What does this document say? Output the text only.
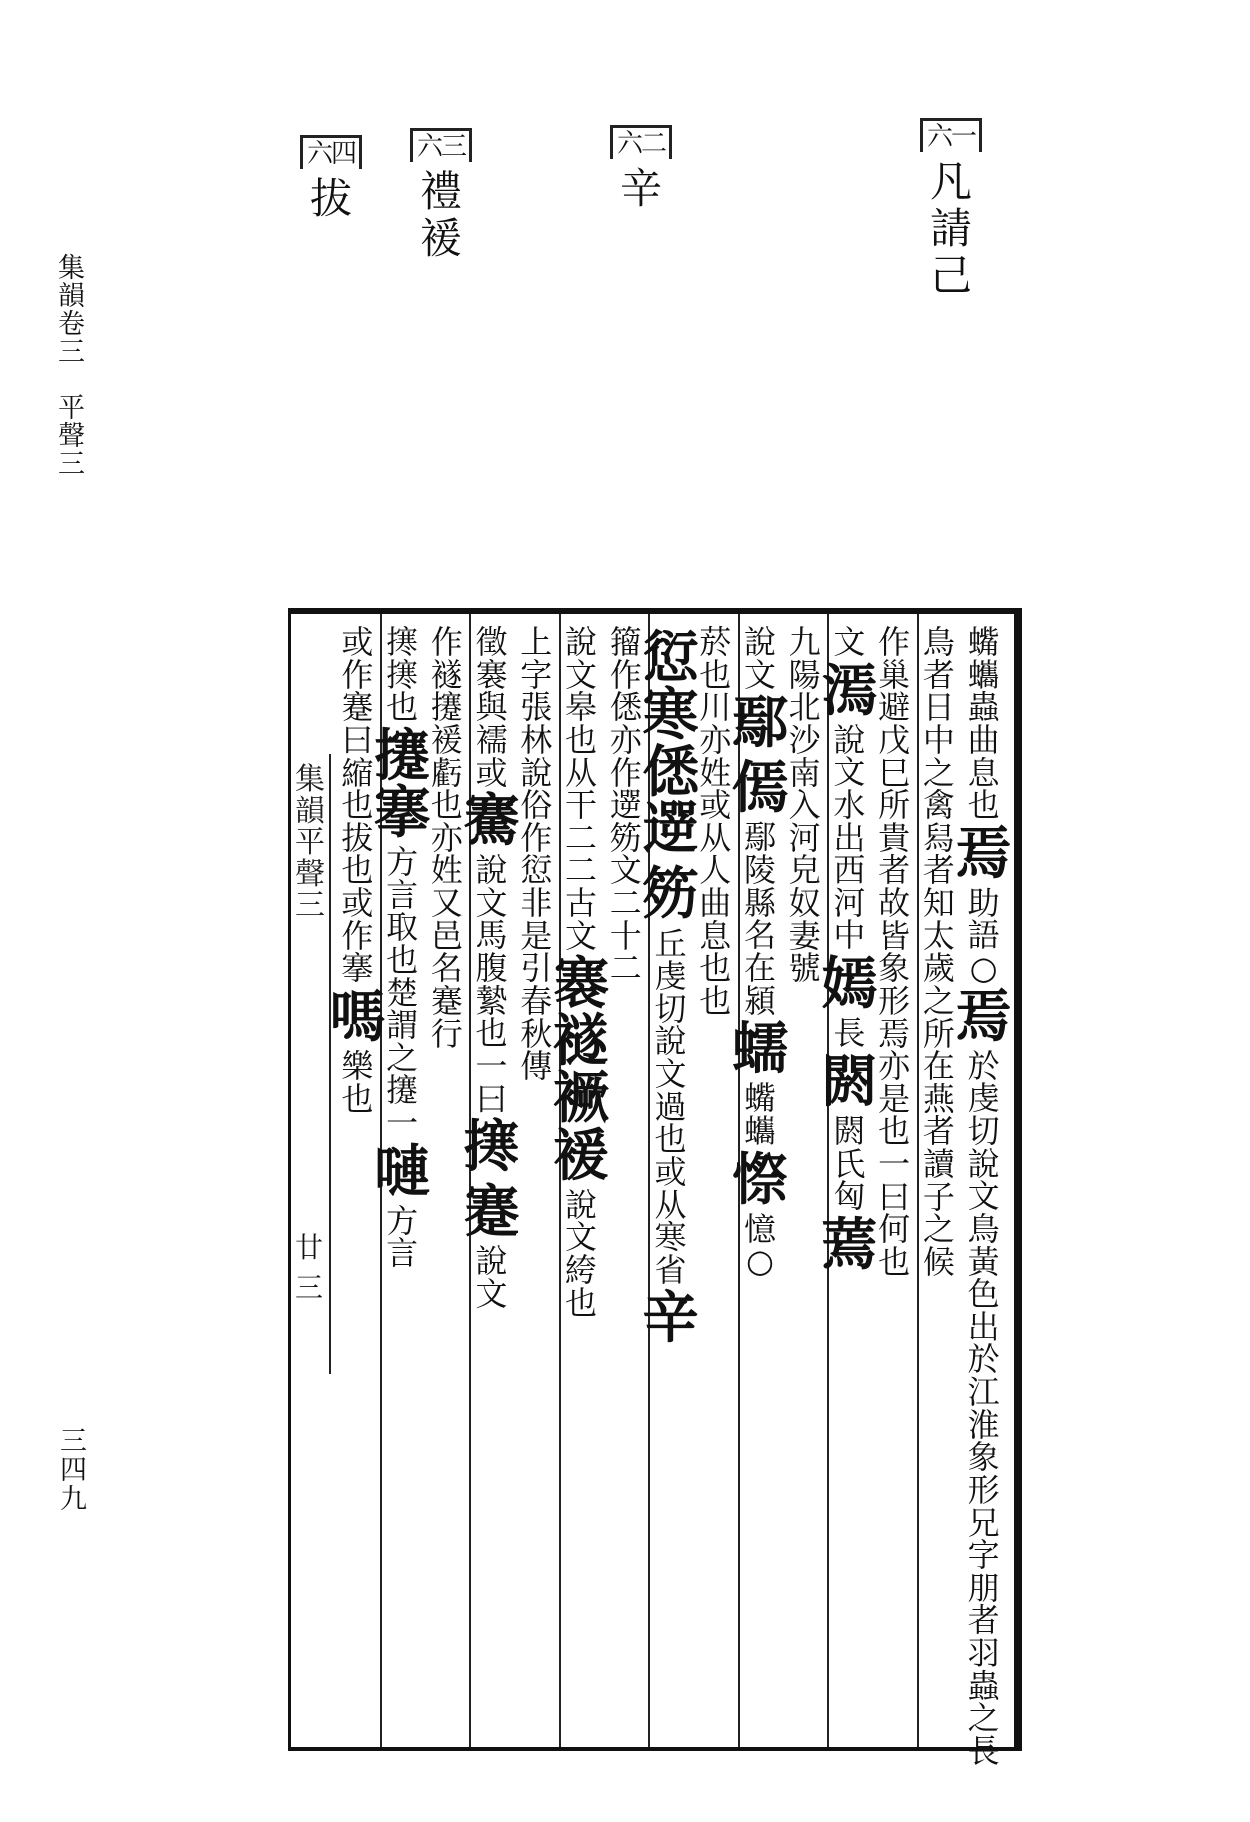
集
韻
卷
三

平
聲
三
三
四
九
六一
凡
請
己
六二
辛
六三
禮
褑
六四
拔
集
韻
平
聲
三
廿
三
蟕
蠵
蟲
曲
息
也
焉
助
語
○
焉
於
虔
切
說
文
鳥
黃
色
出
於
江
淮
象
形
兄
字
朋
者
羽
蟲
之
長
鳥
者
日
中
之
禽
舄
者
知
太
歲
之
所
在
燕
者
讀
子
之
候
作
巢
避
戊
巳
所
貴
者
故
皆
象
形
焉
亦
是
也
一
曰
何
也
文
漹
說
文
水
出
西
河
中
嫣
長
閼
閼
氏
匈
蔫
九
陽
北
沙
南
入
河
皃
奴
妻
號
說
文
鄢
傿
鄢
陵
縣
名
在
潁
蠕
蟕
蠵
憏
憶
○
菸
也
川
亦
姓
或
从
人
曲
息
也
也
愆
寒
僁
遻
䇟
丘
虔
切
說
文
過
也
或
从
寒
省
辛
籀
作
僁
亦
作
遻
䇟
文
二
十
二
說
文
皋
也
从
干
二
二
古
文
褰
襚
䙠
褑
說
文
絝
也
上
字
張
林
說
俗
作
愆
非
是
引
春
秋
傳
徵
褰
與
襦
或
騫
說
文
馬
腹
縶
也
一
曰
㩃
蹇
說
文
作
襚
攓
褑
虧
也
亦
姓
又
邑
名
蹇
行
㩃
㩃
也
攓
搴
方
言
取
也
楚
謂
之
攓
一
嗹
方
言
或
作
蹇
曰
縮
也
拔
也
或
作
搴
嗎
樂
也
